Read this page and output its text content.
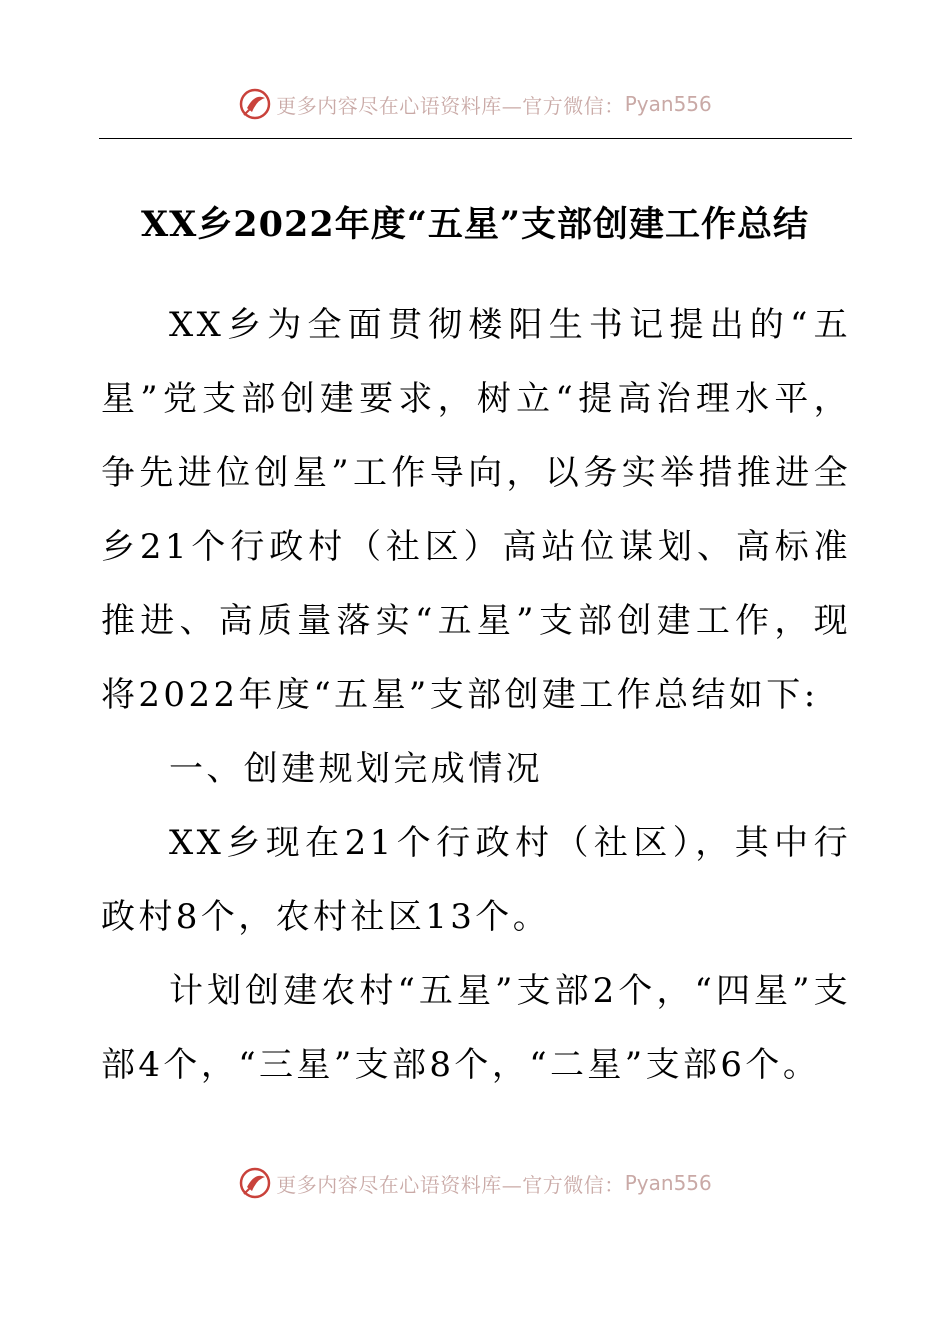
更多内容尽在心语资料库—官方微信： Pyan556
XX乡2022年度“五星”支部创建工作总结

XX乡为全面贯彻楼阳生书记提出的“五星”党支部创建要求，树立“提高治理水平，争先进位创星”工作导向，以务实举措推进全乡21个行政村（社区）高站位谋划、高标准推进、高质量落实“五星”支部创建工作，现将2022年度“五星”支部创建工作总结如下:

一、创建规划完成情况

XX乡现在21个行政村（社区），其中行政村8个，农村社区13个。

计划创建农村“五星”支部2个，“四星”支部4个，“三星”支部8个，“二星”支部6个。

更多内容尽在心语资料库—官方微信： Pyan556
